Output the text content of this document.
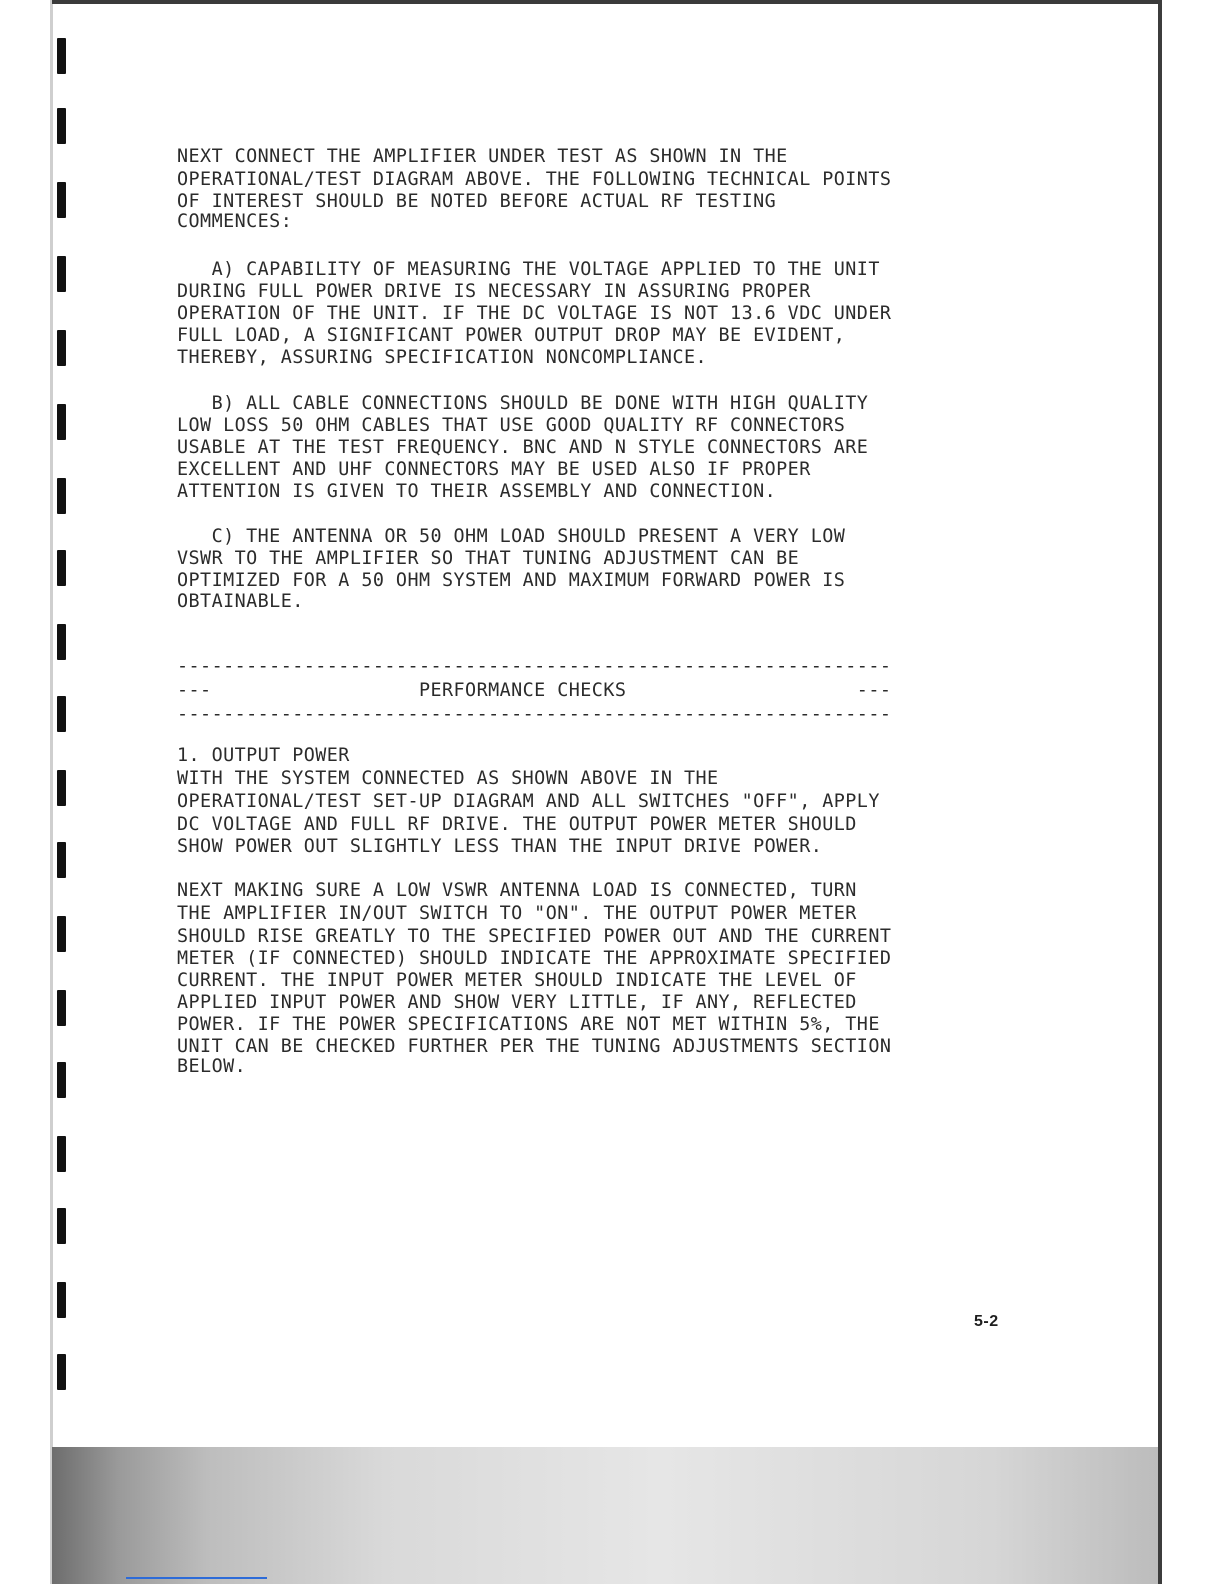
NEXT CONNECT THE AMPLIFIER UNDER TEST AS SHOWN IN THE

OPERATIONAL/TEST DIAGRAM ABOVE. THE FOLLOWING TECHNICAL POINTS

OF INTEREST SHOULD BE NOTED BEFORE ACTUAL RF TESTING

COMMENCES:

A) CAPABILITY OF MEASURING THE VOLTAGE APPLIED TO THE UNIT

DURING FULL POWER DRIVE IS NECESSARY IN ASSURING PROPER

OPERATION OF THE UNIT. IF THE DC VOLTAGE IS NOT 13.6 VDC UNDER

FULL LOAD, A SIGNIFICANT POWER OUTPUT DROP MAY BE EVIDENT,

THEREBY, ASSURING SPECIFICATION NONCOMPLIANCE.

B) ALL CABLE CONNECTIONS SHOULD BE DONE WITH HIGH QUALITY

LOW LOSS 50 OHM CABLES THAT USE GOOD QUALITY RF CONNECTORS

USABLE AT THE TEST FREQUENCY. BNC AND N STYLE CONNECTORS ARE

EXCELLENT AND UHF CONNECTORS MAY BE USED ALSO IF PROPER

ATTENTION IS GIVEN TO THEIR ASSEMBLY AND CONNECTION.

C) THE ANTENNA OR 50 OHM LOAD SHOULD PRESENT A VERY LOW

VSWR TO THE AMPLIFIER SO THAT TUNING ADJUSTMENT CAN BE

OPTIMIZED FOR A 50 OHM SYSTEM AND MAXIMUM FORWARD POWER IS

OBTAINABLE.

--------------------------------------------------------------

---                  PERFORMANCE CHECKS                    ---

--------------------------------------------------------------

1. OUTPUT POWER

WITH THE SYSTEM CONNECTED AS SHOWN ABOVE IN THE

OPERATIONAL/TEST SET-UP DIAGRAM AND ALL SWITCHES "OFF", APPLY

DC VOLTAGE AND FULL RF DRIVE. THE OUTPUT POWER METER SHOULD

SHOW POWER OUT SLIGHTLY LESS THAN THE INPUT DRIVE POWER.

NEXT MAKING SURE A LOW VSWR ANTENNA LOAD IS CONNECTED, TURN

THE AMPLIFIER IN/OUT SWITCH TO "ON". THE OUTPUT POWER METER

SHOULD RISE GREATLY TO THE SPECIFIED POWER OUT AND THE CURRENT

METER (IF CONNECTED) SHOULD INDICATE THE APPROXIMATE SPECIFIED

CURRENT. THE INPUT POWER METER SHOULD INDICATE THE LEVEL OF

APPLIED INPUT POWER AND SHOW VERY LITTLE, IF ANY, REFLECTED

POWER. IF THE POWER SPECIFICATIONS ARE NOT MET WITHIN 5%, THE

UNIT CAN BE CHECKED FURTHER PER THE TUNING ADJUSTMENTS SECTION

BELOW.

5-2
